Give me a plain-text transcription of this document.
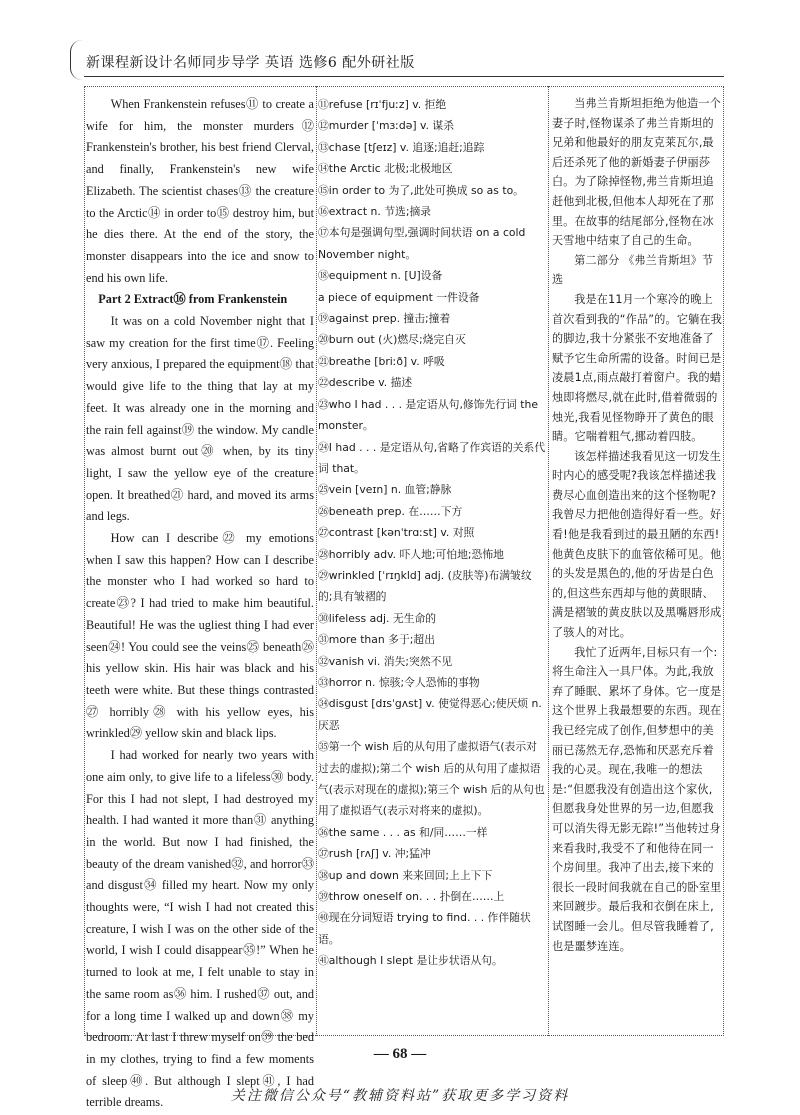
新课程新设计名师同步导学 英语 选修6 配外研社版

When Frankenstein refuses⑪ to create a wife for him, the monster murders⑫ Frankenstein's brother, his best friend Clerval, and finally, Frankenstein's new wife Elizabeth. The scientist chases⑬ the creature to the Arctic⑭ in order to⑮ destroy him, but he dies there. At the end of the story, the monster disappears into the ice and snow to end his own life.

Part 2 Extract⑯ from Frankenstein

It was on a cold November night that I saw my creation for the first time⑰. Feeling very anxious, I prepared the equipment⑱ that would give life to the thing that lay at my feet. It was already one in the morning and the rain fell against⑲ the window. My candle was almost burnt out⑳ when, by its tiny light, I saw the yellow eye of the creature open. It breathed㉑ hard, and moved its arms and legs.

How can I describe㉒ my emotions when I saw this happen? How can I describe the monster who I had worked so hard to create㉓? I had tried to make him beautiful. Beautiful! He was the ugliest thing I had ever seen㉔! You could see the veins㉕ beneath㉖ his yellow skin. His hair was black and his teeth were white. But these things contrasted㉗ horribly㉘ with his yellow eyes, his wrinkled㉙ yellow skin and black lips.

I had worked for nearly two years with one aim only, to give life to a lifeless㉚ body. For this I had not slept, I had destroyed my health. I had wanted it more than㉛ anything in the world. But now I had finished, the beauty of the dream vanished㉜, and horror㉝ and disgust㉞ filled my heart. Now my only thoughts were, “I wish I had not created this creature, I wish I was on the other side of the world, I wish I could disappear㉟!” When he turned to look at me, I felt unable to stay in the same room as㊱ him. I rushed㊲ out, and for a long time I walked up and down㊳ my bedroom. At last I threw myself on㊴ the bed in my clothes, trying to find a few moments of sleep㊵. But although I slept㊶, I had terrible dreams.

⑪refuse [rɪˈfjuːz] v. 拒绝
⑫murder [ˈmɜːdə] v. 谋杀
⑬chase [tʃeɪz] v. 追逐;追赶;追踪
⑭the Arctic 北极;北极地区
⑮in order to 为了,此处可换成 so as to。
⑯extract n. 节选;摘录
⑰本句是强调句型,强调时间状语 on a cold November night。
⑱equipment n. [U]设备
a piece of equipment 一件设备
⑲against prep. 撞击;撞着
⑳burn out (火)燃尽;烧完自灭
㉑breathe [briːð] v. 呼吸
㉒describe v. 描述
㉓who I had . . . 是定语从句,修饰先行词 the monster。
㉔I had . . . 是定语从句,省略了作宾语的关系代词 that。
㉕vein [veɪn] n. 血管;静脉
㉖beneath prep. 在……下方
㉗contrast [kənˈtrɑːst] v. 对照
㉘horribly adv. 吓人地;可怕地;恐怖地
㉙wrinkled [ˈrɪŋkld] adj. (皮肤等)布满皱纹的;具有皱褶的
㉚lifeless adj. 无生命的
㉛more than 多于;超出
㉜vanish vi. 消失;突然不见
㉝horror n. 惊骇;令人恐怖的事物
㉞disgust [dɪsˈgʌst] v. 使觉得恶心;使厌烦 n. 厌恶
㉟第一个 wish 后的从句用了虚拟语气(表示对过去的虚拟);第二个 wish 后的从句用了虚拟语气(表示对现在的虚拟);第三个 wish 后的从句也用了虚拟语气(表示对将来的虚拟)。
㊱the same . . . as 和/同……一样
㊲rush [rʌʃ] v. 冲;猛冲
㊳up and down 来来回回;上上下下
㊴throw oneself on. . . 扑倒在……上
㊵现在分词短语 trying to find. . . 作伴随状语。
㊶although I slept 是让步状语从句。

当弗兰肯斯坦拒绝为他造一个妻子时,怪物谋杀了弗兰肯斯坦的兄弟和他最好的朋友克莱瓦尔,最后还杀死了他的新婚妻子伊丽莎白。为了除掉怪物,弗兰肯斯坦追赶他到北极,但他本人却死在了那里。在故事的结尾部分,怪物在冰天雪地中结束了自己的生命。

第二部分 《弗兰肯斯坦》节选

我是在11月一个寒冷的晚上首次看到我的“作品”的。它躺在我的脚边,我十分紧张不安地准备了赋予它生命所需的设备。时间已是凌晨1点,雨点敲打着窗户。我的蜡烛即将燃尽,就在此时,借着微弱的烛光,我看见怪物睁开了黄色的眼睛。它喘着粗气,挪动着四肢。

该怎样描述我看见这一切发生时内心的感受呢?我该怎样描述我费尽心血创造出来的这个怪物呢?我曾尽力把他创造得好看一些。好看!他是我看到过的最丑陋的东西!他黄色皮肤下的血管依稀可见。他的头发是黑色的,他的牙齿是白色的,但这些东西却与他的黄眼睛、满是褶皱的黄皮肤以及黑嘴唇形成了骇人的对比。

我忙了近两年,目标只有一个:将生命注入一具尸体。为此,我放弃了睡眠、累坏了身体。它一度是这个世界上我最想要的东西。现在我已经完成了创作,但梦想中的美丽已荡然无存,恐怖和厌恶充斥着我的心灵。现在,我唯一的想法是:“但愿我没有创造出这个家伙,但愿我身处世界的另一边,但愿我可以消失得无影无踪!”当他转过身来看我时,我受不了和他待在同一个房间里。我冲了出去,接下来的很长一段时间我就在自己的卧室里来回踱步。最后我和衣倒在床上,试图睡一会儿。但尽管我睡着了,也是噩梦连连。

— 68 —
关注微信公众号“教辅资料站”获取更多学习资料
